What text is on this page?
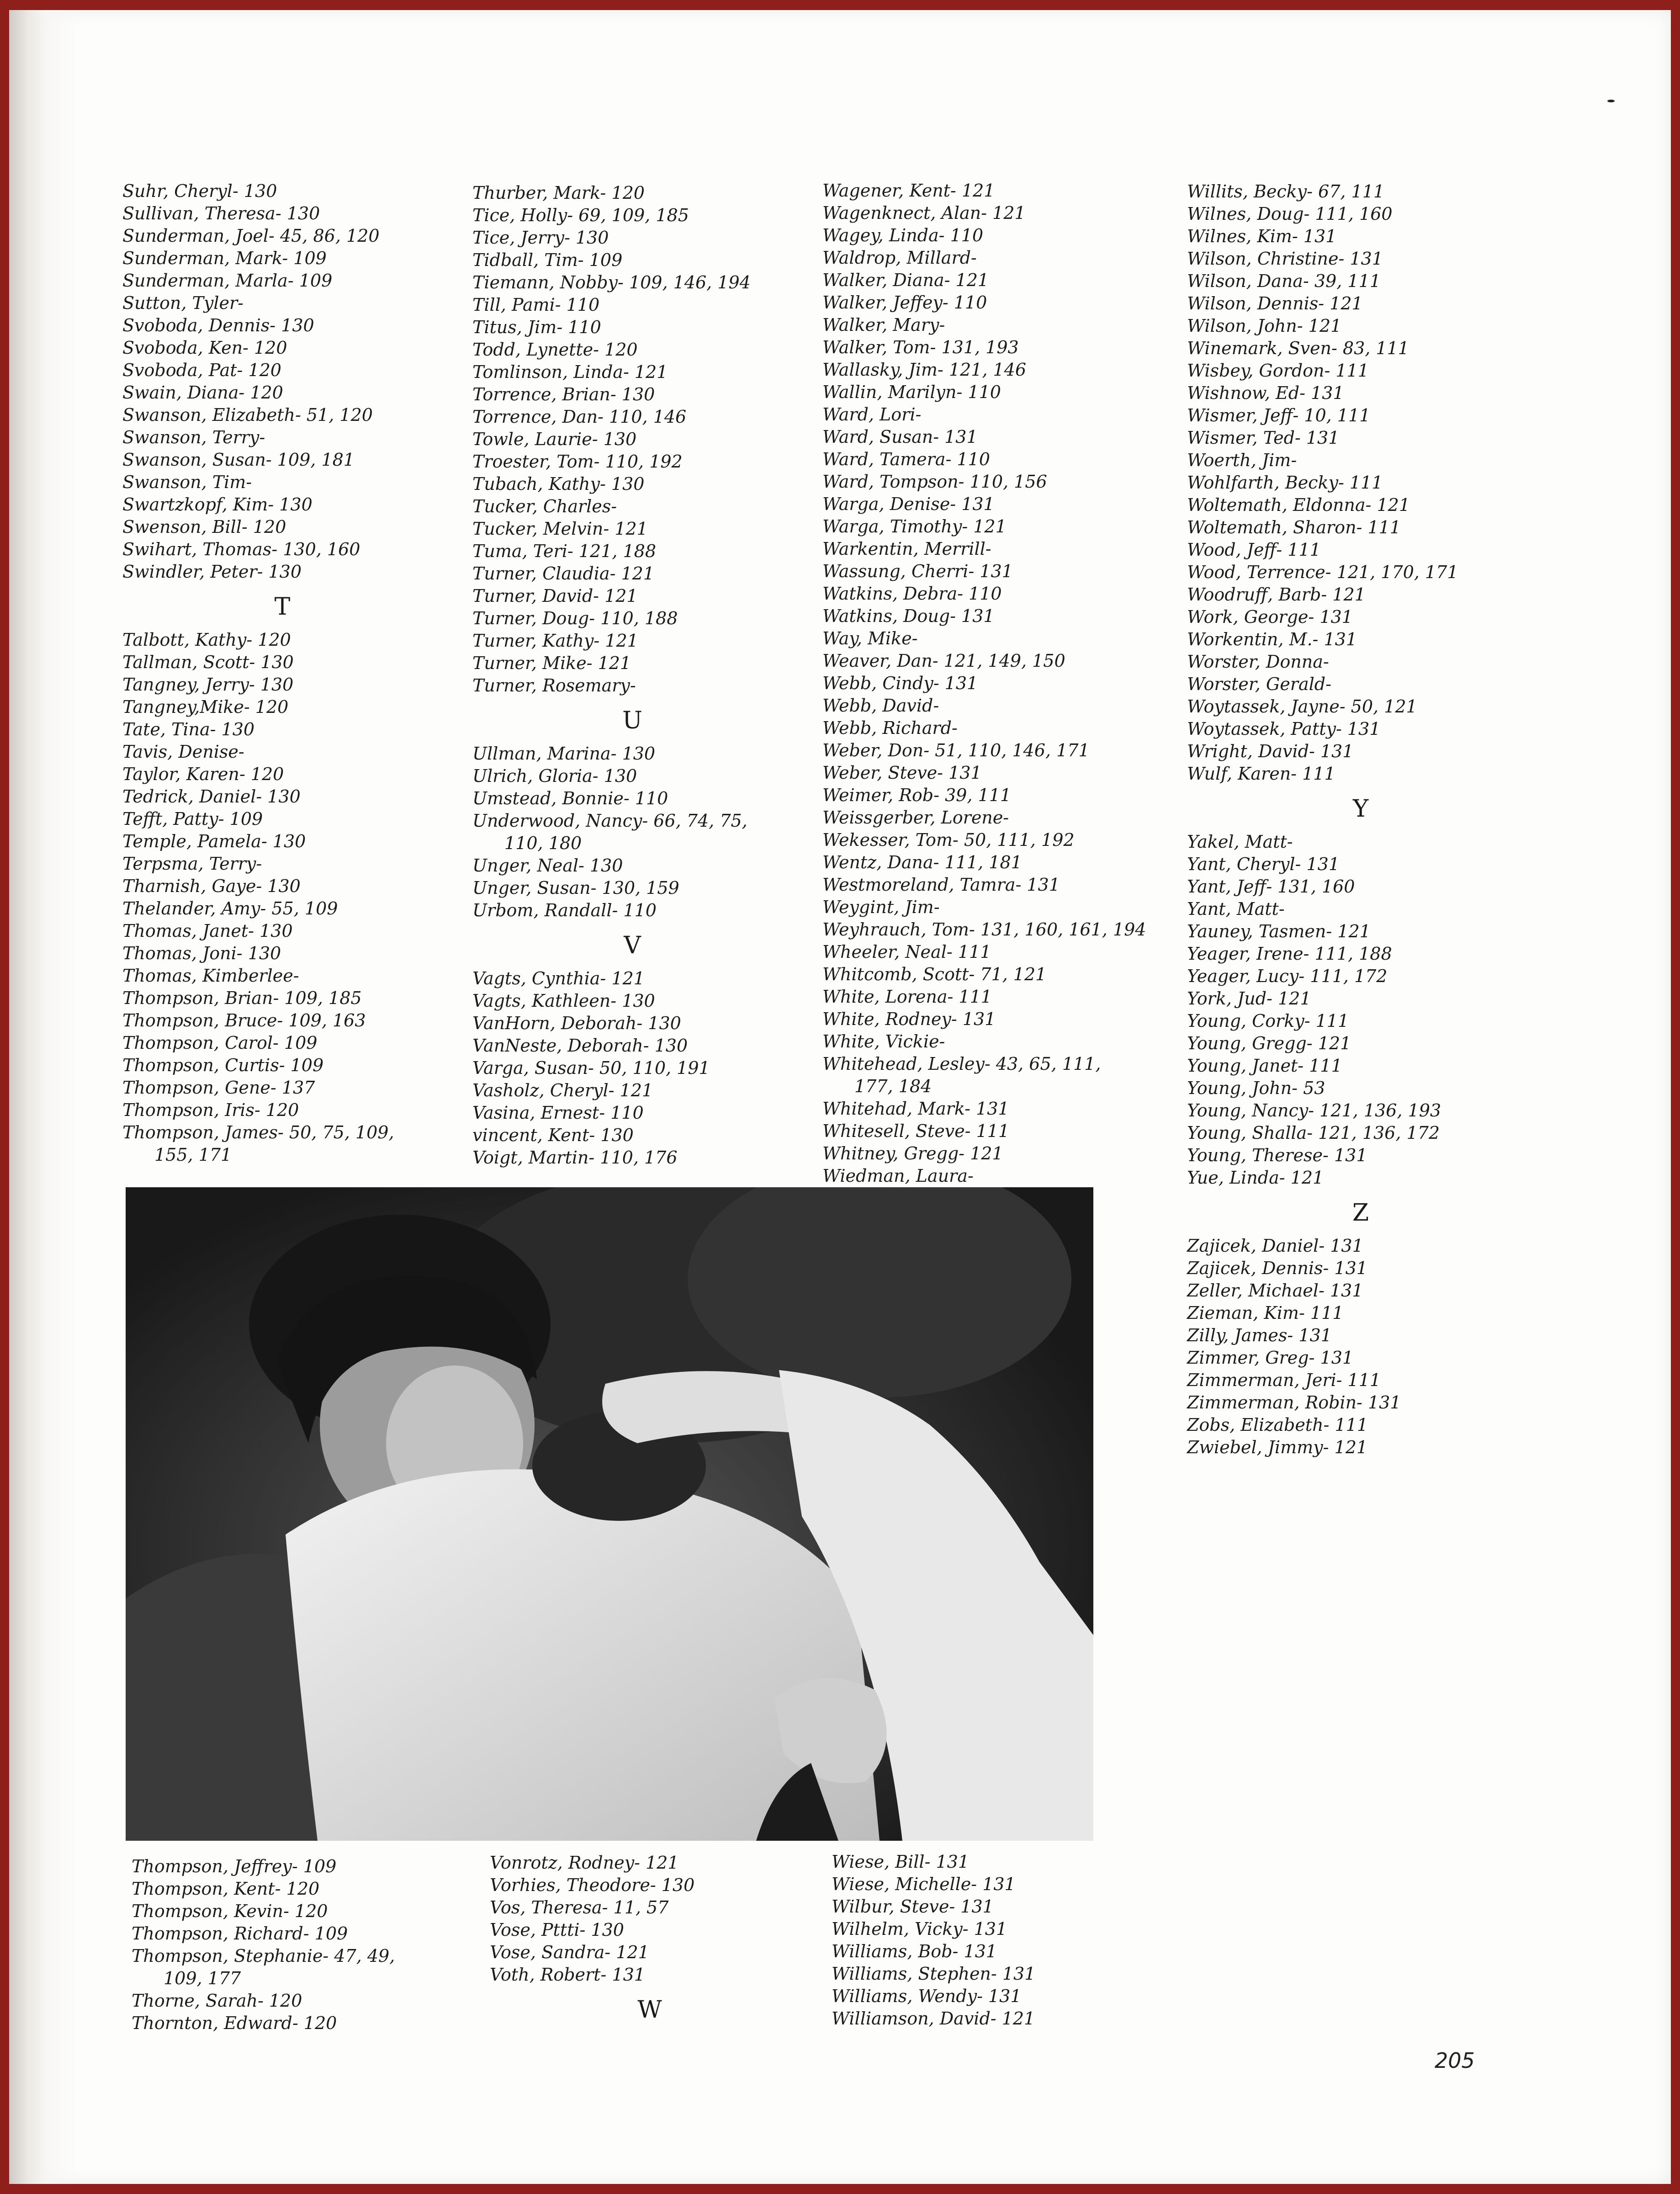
Suhr, Cheryl- 130
Sullivan, Theresa- 130
Sunderman, Joel- 45, 86, 120
Sunderman, Mark- 109
Sunderman, Marla- 109
Sutton, Tyler-
Svoboda, Dennis- 130
Svoboda, Ken- 120
Svoboda, Pat- 120
Swain, Diana- 120
Swanson, Elizabeth- 51, 120
Swanson, Terry-
Swanson, Susan- 109, 181
Swanson, Tim-
Swartzkopf, Kim- 130
Swenson, Bill- 120
Swihart, Thomas- 130, 160
Swindler, Peter- 130
T
Talbott, Kathy- 120
Tallman, Scott- 130
Tangney, Jerry- 130
Tangney,Mike- 120
Tate, Tina- 130
Tavis, Denise-
Taylor, Karen- 120
Tedrick, Daniel- 130
Tefft, Patty- 109
Temple, Pamela- 130
Terpsma, Terry-
Tharnish, Gaye- 130
Thelander, Amy- 55, 109
Thomas, Janet- 130
Thomas, Joni- 130
Thomas, Kimberlee-
Thompson, Brian- 109, 185
Thompson, Bruce- 109, 163
Thompson, Carol- 109
Thompson, Curtis- 109
Thompson, Gene- 137
Thompson, Iris- 120
Thompson, James- 50, 75, 109,
155, 171
Thurber, Mark- 120
Tice, Holly- 69, 109, 185
Tice, Jerry- 130
Tidball, Tim- 109
Tiemann, Nobby- 109, 146, 194
Till, Pami- 110
Titus, Jim- 110
Todd, Lynette- 120
Tomlinson, Linda- 121
Torrence, Brian- 130
Torrence, Dan- 110, 146
Towle, Laurie- 130
Troester, Tom- 110, 192
Tubach, Kathy- 130
Tucker, Charles-
Tucker, Melvin- 121
Tuma, Teri- 121, 188
Turner, Claudia- 121
Turner, David- 121
Turner, Doug- 110, 188
Turner, Kathy- 121
Turner, Mike- 121
Turner, Rosemary-
U
Ullman, Marina- 130
Ulrich, Gloria- 130
Umstead, Bonnie- 110
Underwood, Nancy- 66, 74, 75,
110, 180
Unger, Neal- 130
Unger, Susan- 130, 159
Urbom, Randall- 110
V
Vagts, Cynthia- 121
Vagts, Kathleen- 130
VanHorn, Deborah- 130
VanNeste, Deborah- 130
Varga, Susan- 50, 110, 191
Vasholz, Cheryl- 121
Vasina, Ernest- 110
vincent, Kent- 130
Voigt, Martin- 110, 176
Wagener, Kent- 121
Wagenknect, Alan- 121
Wagey, Linda- 110
Waldrop, Millard-
Walker, Diana- 121
Walker, Jeffey- 110
Walker, Mary-
Walker, Tom- 131, 193
Wallasky, Jim- 121, 146
Wallin, Marilyn- 110
Ward, Lori-
Ward, Susan- 131
Ward, Tamera- 110
Ward, Tompson- 110, 156
Warga, Denise- 131
Warga, Timothy- 121
Warkentin, Merrill-
Wassung, Cherri- 131
Watkins, Debra- 110
Watkins, Doug- 131
Way, Mike-
Weaver, Dan- 121, 149, 150
Webb, Cindy- 131
Webb, David-
Webb, Richard-
Weber, Don- 51, 110, 146, 171
Weber, Steve- 131
Weimer, Rob- 39, 111
Weissgerber, Lorene-
Wekesser, Tom- 50, 111, 192
Wentz, Dana- 111, 181
Westmoreland, Tamra- 131
Weygint, Jim-
Weyhrauch, Tom- 131, 160, 161, 194
Wheeler, Neal- 111
Whitcomb, Scott- 71, 121
White, Lorena- 111
White, Rodney- 131
White, Vickie-
Whitehead, Lesley- 43, 65, 111,
177, 184
Whitehad, Mark- 131
Whitesell, Steve- 111
Whitney, Gregg- 121
Wiedman, Laura-
Willits, Becky- 67, 111
Wilnes, Doug- 111, 160
Wilnes, Kim- 131
Wilson, Christine- 131
Wilson, Dana- 39, 111
Wilson, Dennis- 121
Wilson, John- 121
Winemark, Sven- 83, 111
Wisbey, Gordon- 111
Wishnow, Ed- 131
Wismer, Jeff- 10, 111
Wismer, Ted- 131
Woerth, Jim-
Wohlfarth, Becky- 111
Woltemath, Eldonna- 121
Woltemath, Sharon- 111
Wood, Jeff- 111
Wood, Terrence- 121, 170, 171
Woodruff, Barb- 121
Work, George- 131
Workentin, M.- 131
Worster, Donna-
Worster, Gerald-
Woytassek, Jayne- 50, 121
Woytassek, Patty- 131
Wright, David- 131
Wulf, Karen- 111
Y
Yakel, Matt-
Yant, Cheryl- 131
Yant, Jeff- 131, 160
Yant, Matt-
Yauney, Tasmen- 121
Yeager, Irene- 111, 188
Yeager, Lucy- 111, 172
York, Jud- 121
Young, Corky- 111
Young, Gregg- 121
Young, Janet- 111
Young, John- 53
Young, Nancy- 121, 136, 193
Young, Shalla- 121, 136, 172
Young, Therese- 131
Yue, Linda- 121
Z
Zajicek, Daniel- 131
Zajicek, Dennis- 131
Zeller, Michael- 131
Zieman, Kim- 111
Zilly, James- 131
Zimmer, Greg- 131
Zimmerman, Jeri- 111
Zimmerman, Robin- 131
Zobs, Elizabeth- 111
Zwiebel, Jimmy- 121
Thompson, Jeffrey- 109
Thompson, Kent- 120
Thompson, Kevin- 120
Thompson, Richard- 109
Thompson, Stephanie- 47, 49,
109, 177
Thorne, Sarah- 120
Thornton, Edward- 120
Vonrotz, Rodney- 121
Vorhies, Theodore- 130
Vos, Theresa- 11, 57
Vose, Pttti- 130
Vose, Sandra- 121
Voth, Robert- 131
W
Wiese, Bill- 131
Wiese, Michelle- 131
Wilbur, Steve- 131
Wilhelm, Vicky- 131
Williams, Bob- 131
Williams, Stephen- 131
Williams, Wendy- 131
Williamson, David- 121
205
